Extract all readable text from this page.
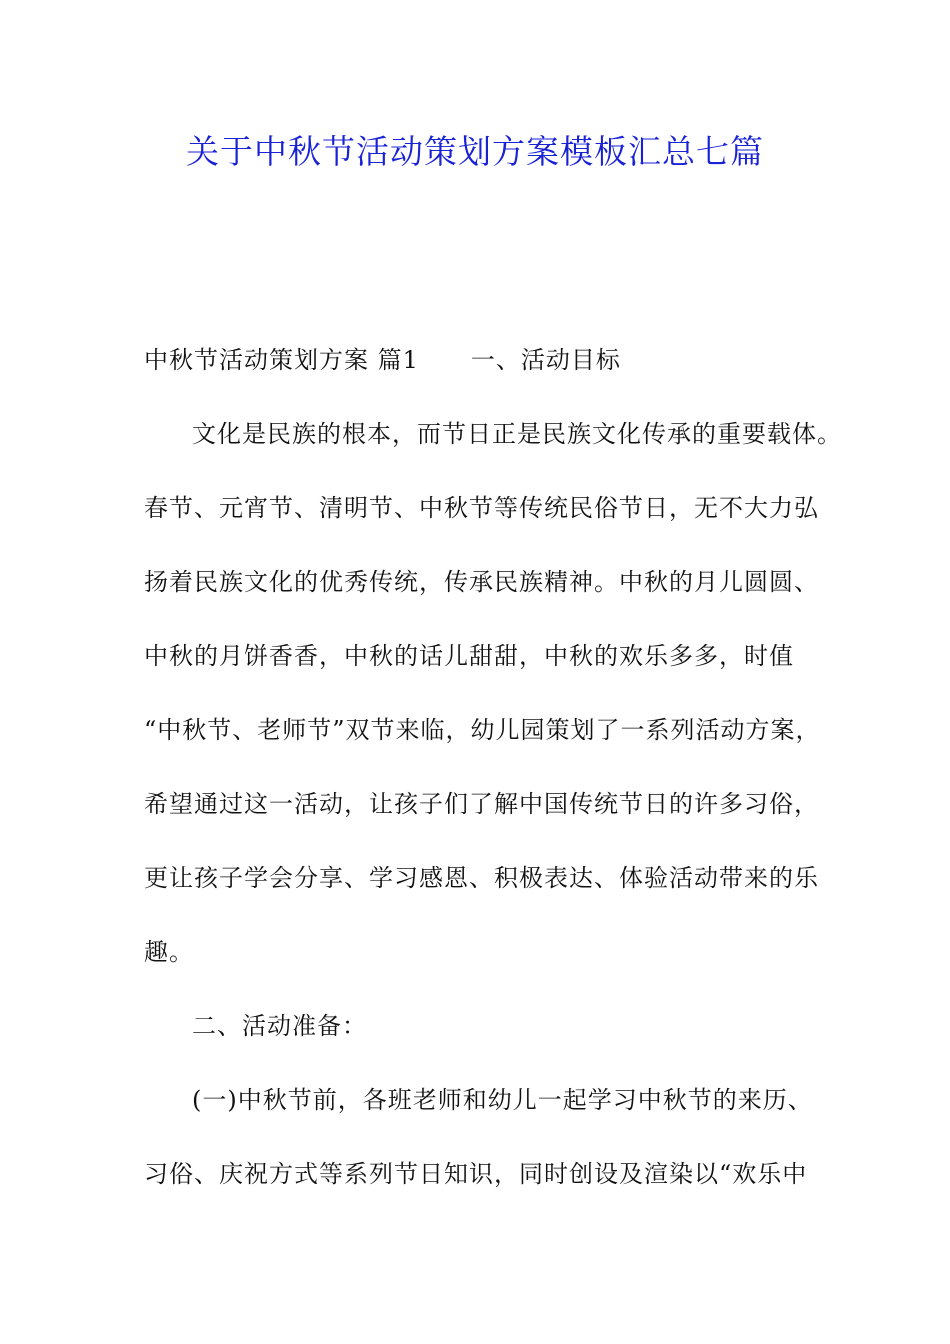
关于中秋节活动策划方案模板汇总七篇
中秋节活动策划方案 篇1 一、活动目标
文化是民族的根本，而节日正是民族文化传承的重要载体。
春节、元宵节、清明节、中秋节等传统民俗节日，无不大力弘
扬着民族文化的优秀传统，传承民族精神。中秋的月儿圆圆、
中秋的月饼香香，中秋的话儿甜甜，中秋的欢乐多多，时值
“中秋节、老师节”双节来临，幼儿园策划了一系列活动方案，
希望通过这一活动，让孩子们了解中国传统节日的许多习俗，
更让孩子学会分享、学习感恩、积极表达、体验活动带来的乐
趣。
二、活动准备：
(一)中秋节前，各班老师和幼儿一起学习中秋节的来历、
习俗、庆祝方式等系列节日知识，同时创设及渲染以“欢乐中
